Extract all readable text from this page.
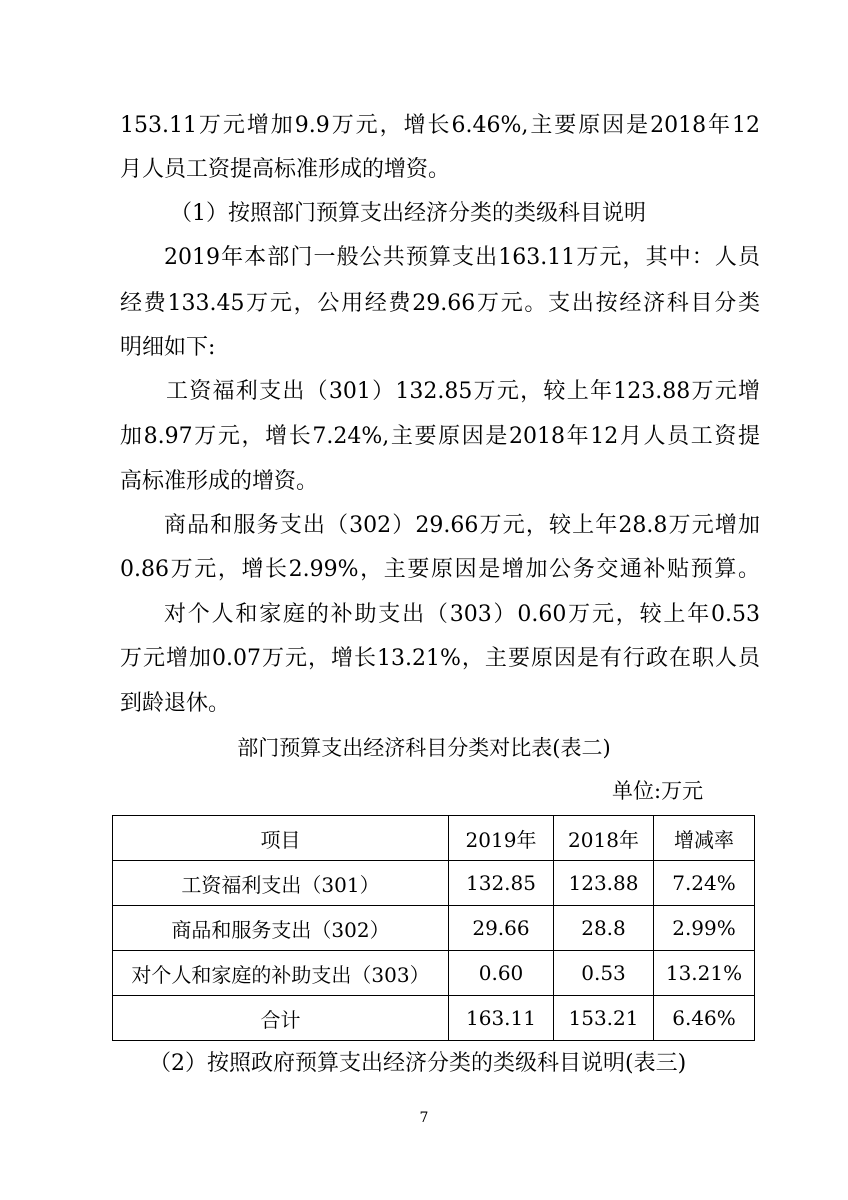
153.11万元增加9.9万元，增长6.46%,主要原因是2018年12
月人员工资提高标准形成的增资。
（1）按照部门预算支出经济分类的类级科目说明
2019年本部门一般公共预算支出163.11万元，其中：人员
经费133.45万元，公用经费29.66万元。支出按经济科目分类
明细如下:
工资福利支出（301）132.85万元，较上年123.88万元增
加8.97万元，增长7.24%,主要原因是2018年12月人员工资提
高标准形成的增资。
商品和服务支出（302）29.66万元，较上年28.8万元增加
0.86万元，增长2.99%，主要原因是增加公务交通补贴预算。
对个人和家庭的补助支出（303）0.60万元，较上年0.53
万元增加0.07万元，增长13.21%，主要原因是有行政在职人员
到龄退休。
部门预算支出经济科目分类对比表(表二)
单位:万元
项目	2019年	2018年	增减率
工资福利支出（301）	132.85	123.88	7.24%
商品和服务支出（302）	29.66	28.8	2.99%
对个人和家庭的补助支出（303）	0.60	0.53	13.21%
合计	163.11	153.21	6.46%
（2）按照政府预算支出经济分类的类级科目说明(表三)
7
